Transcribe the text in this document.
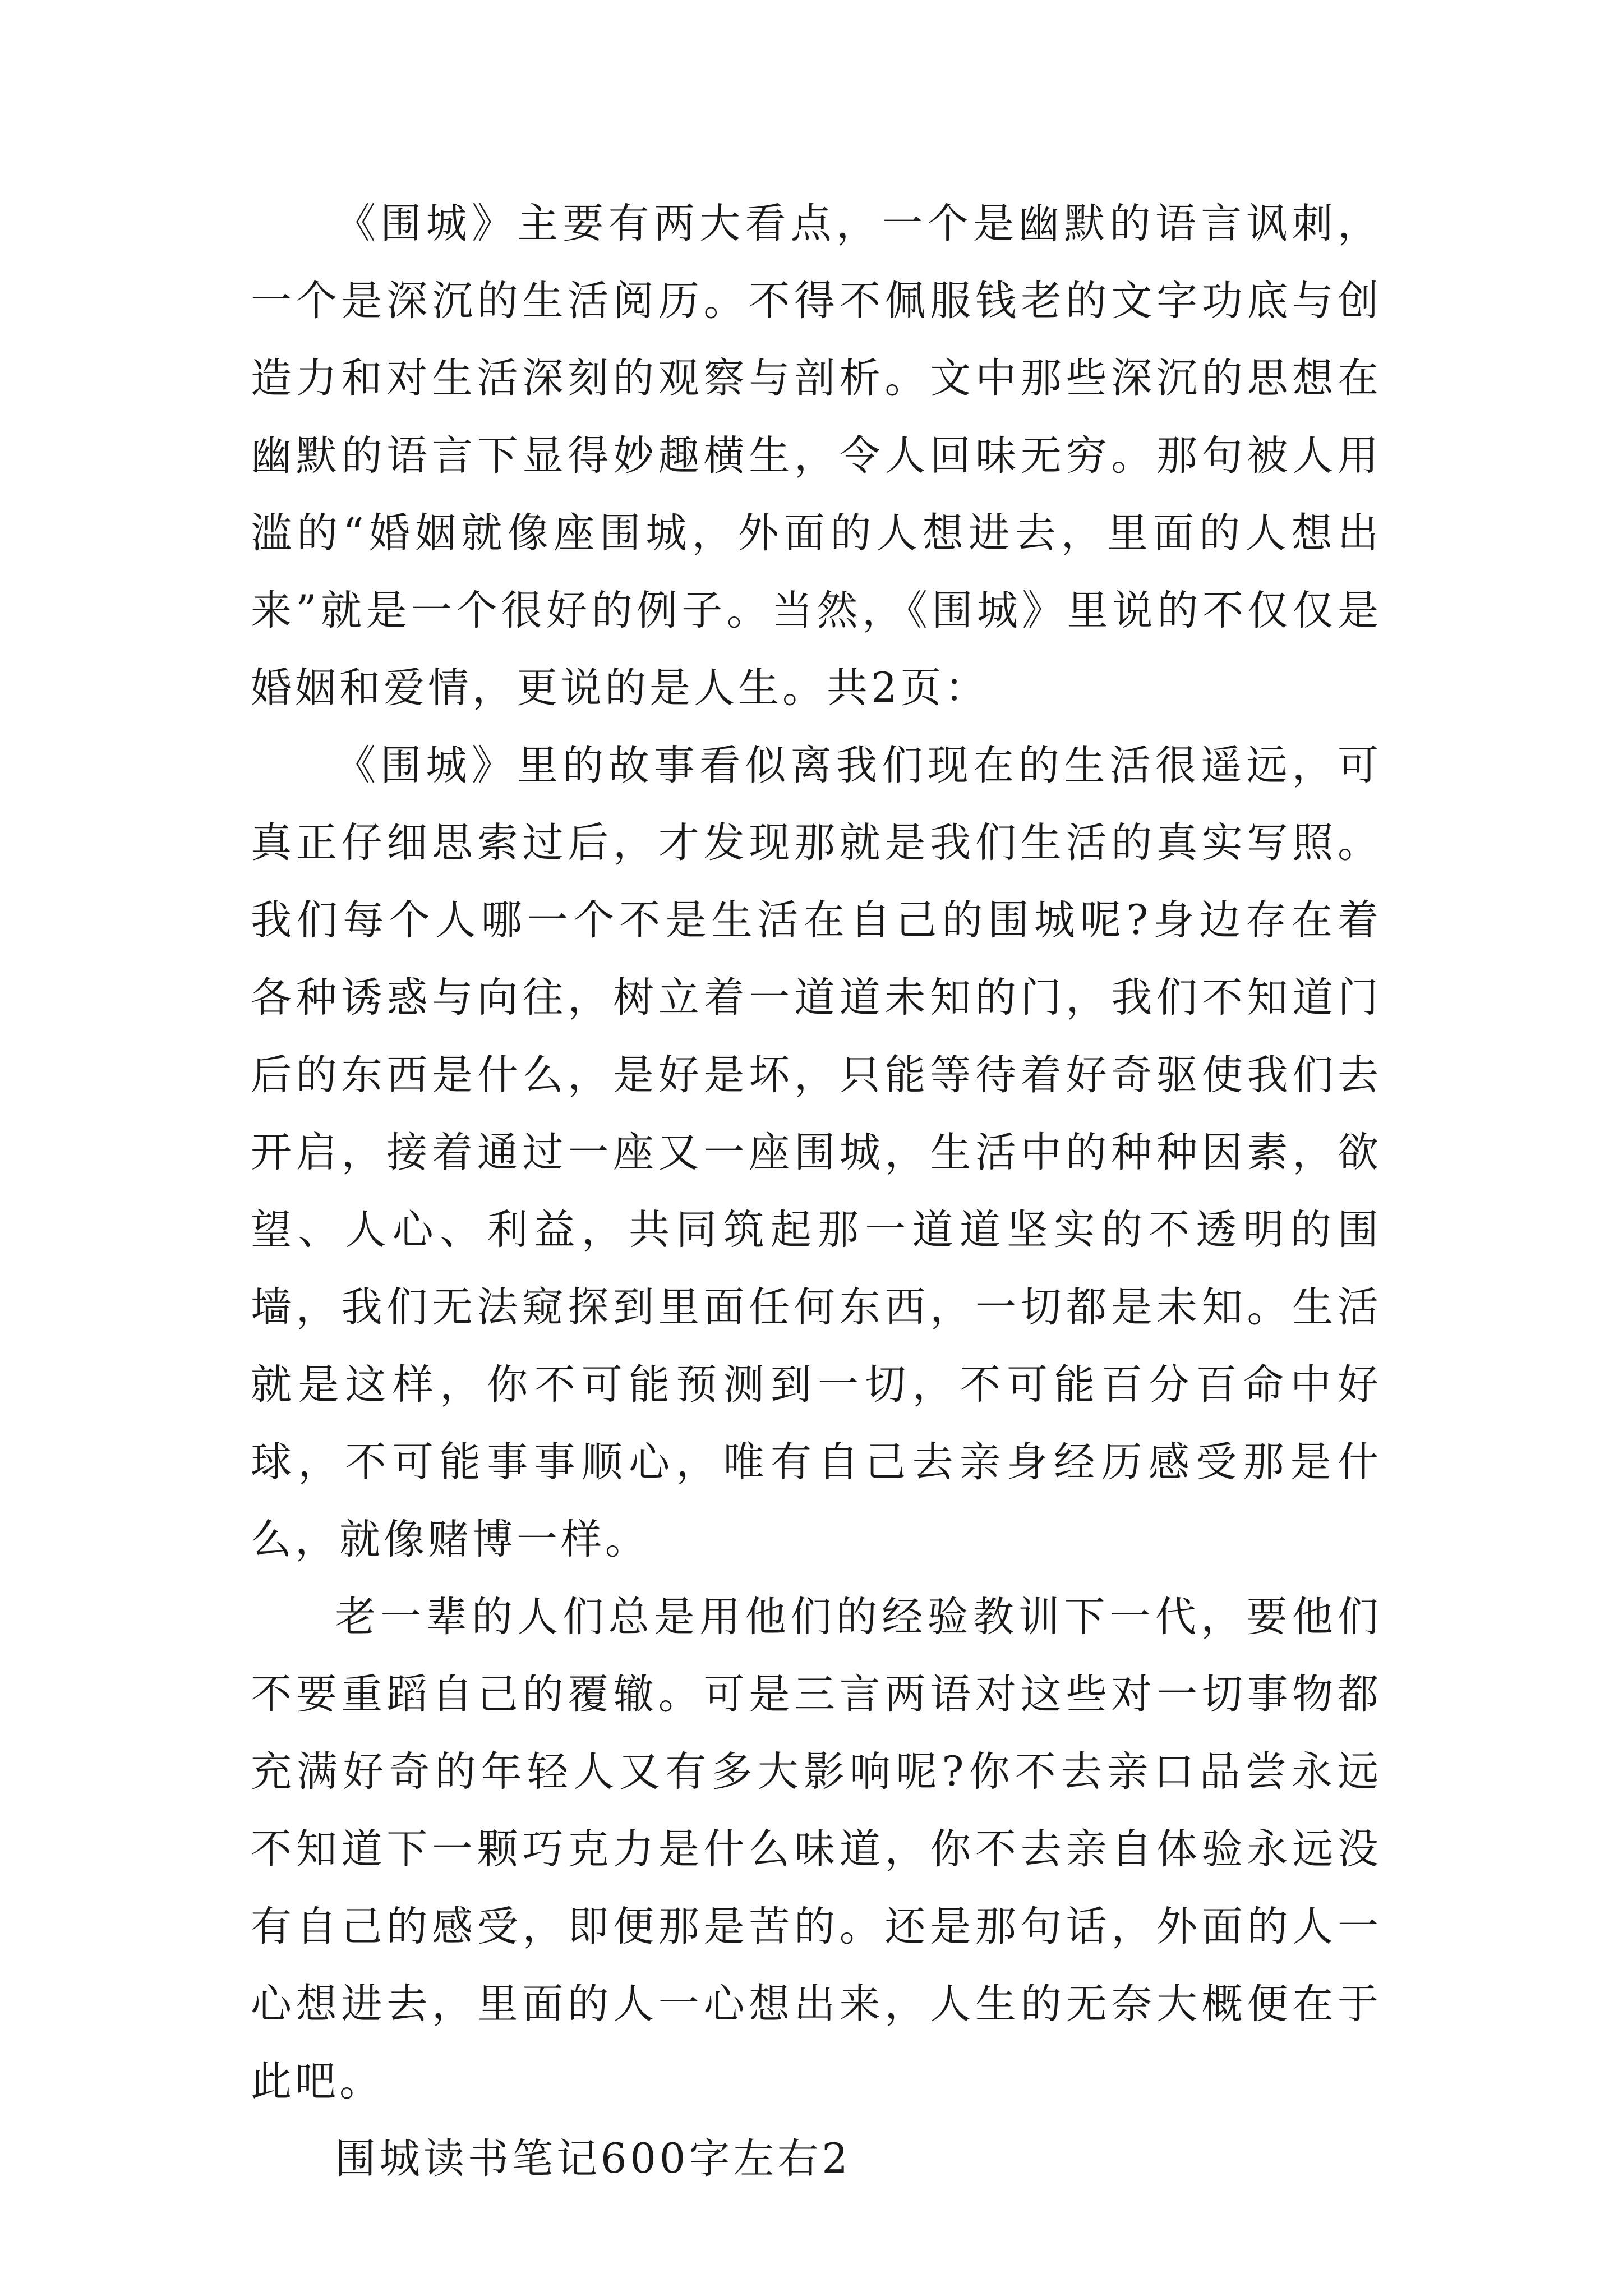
《围城》主要有两大看点，一个是幽默的语言讽刺，一个是深沉的生活阅历。不得不佩服钱老的文字功底与创造力和对生活深刻的观察与剖析。文中那些深沉的思想在幽默的语言下显得妙趣横生，令人回味无穷。那句被人用滥的“婚姻就像座围城，外面的人想进去，里面的人想出来”就是一个很好的例子。当然，《围城》里说的不仅仅是婚姻和爱情，更说的是人生。共2页：

《围城》里的故事看似离我们现在的生活很遥远，可真正仔细思索过后，才发现那就是我们生活的真实写照。我们每个人哪一个不是生活在自己的围城呢?身边存在着各种诱惑与向往，树立着一道道未知的门，我们不知道门后的东西是什么，是好是坏，只能等待着好奇驱使我们去开启，接着通过一座又一座围城，生活中的种种因素，欲望、人心、利益，共同筑起那一道道坚实的不透明的围墙，我们无法窥探到里面任何东西，一切都是未知。生活就是这样，你不可能预测到一切，不可能百分百命中好球，不可能事事顺心，唯有自己去亲身经历感受那是什么，就像赌博一样。

老一辈的人们总是用他们的经验教训下一代，要他们不要重蹈自己的覆辙。可是三言两语对这些对一切事物都充满好奇的年轻人又有多大影响呢?你不去亲口品尝永远不知道下一颗巧克力是什么味道，你不去亲自体验永远没有自己的感受，即便那是苦的。还是那句话，外面的人一心想进去，里面的人一心想出来，人生的无奈大概便在于此吧。

围城读书笔记600字左右2
